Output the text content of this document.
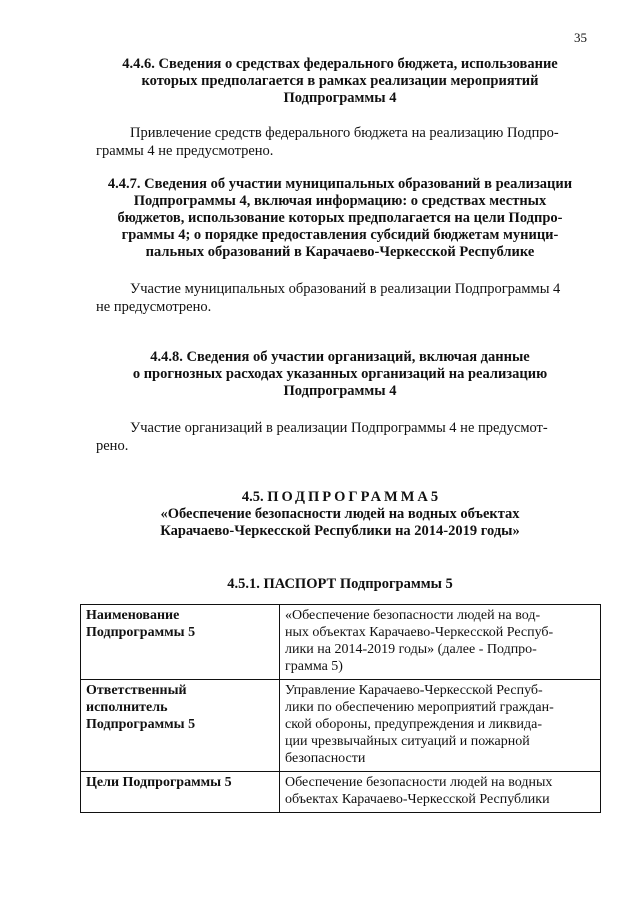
35
4.4.6. Сведения о средствах федерального бюджета, использование
которых предполагается в рамках реализации мероприятий
Подпрограммы 4
Привлечение средств федерального бюджета на реализацию Подпро-
граммы 4 не предусмотрено.
4.4.7. Сведения об участии муниципальных образований в реализации
Подпрограммы 4, включая информацию: о средствах местных
бюджетов, использование которых предполагается на цели Подпро-
граммы 4; о порядке предоставления субсидий бюджетам муници-
пальных образований в Карачаево-Черкесской Республике
Участие муниципальных образований в реализации Подпрограммы 4
не предусмотрено.
4.4.8. Сведения об участии организаций, включая данные
о прогнозных расходах указанных организаций на реализацию
Подпрограммы 4
Участие организаций в реализации Подпрограммы 4 не предусмот-
рено.
4.5. ПОДПРОГРАММА5
«Обеспечение безопасности людей на водных объектах
Карачаево-Черкесской Республики на 2014-2019 годы»
4.5.1. ПАСПОРТ Подпрограммы 5
Наименование
Подпрограммы 5	«Обеспечение безопасности людей на вод-
ных объектах Карачаево-Черкесской Респуб-
лики на 2014-2019 годы» (далее - Подпро-
грамма 5)

Ответственный
исполнитель
Подпрограммы 5	Управление Карачаево-Черкесской Респуб-
лики по обеспечению мероприятий граждан-
ской обороны, предупреждения и ликвида-
ции чрезвычайных ситуаций и пожарной
безопасности

Цели Подпрограммы 5	Обеспечение безопасности людей на водных
объектах Карачаево-Черкесской Республики
